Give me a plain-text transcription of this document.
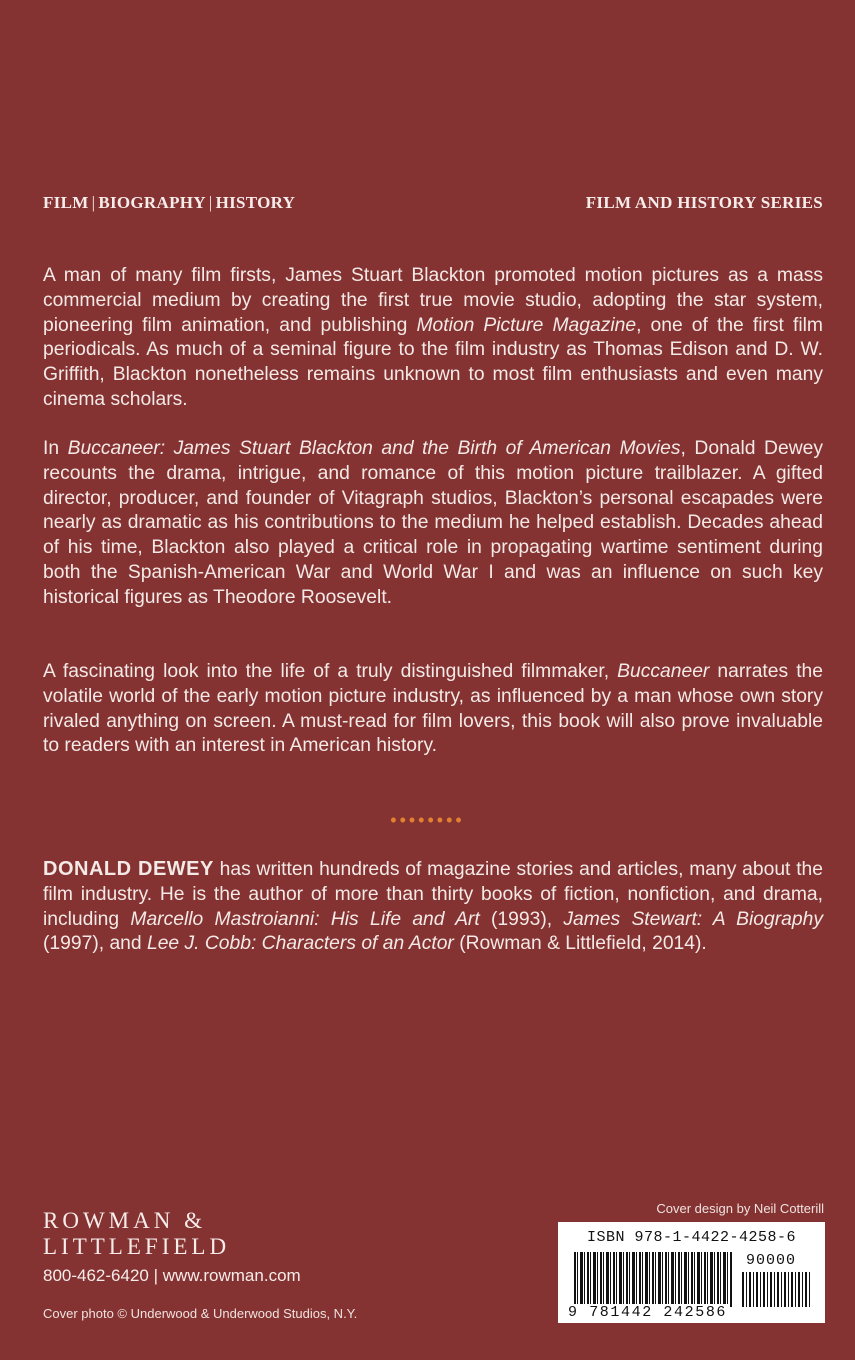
FILM | BIOGRAPHY | HISTORY	FILM AND HISTORY SERIES

A man of many film firsts, James Stuart Blackton promoted motion pictures as a mass commercial medium by creating the first true movie studio, adopting the star system, pioneering film animation, and publishing Motion Picture Magazine, one of the first film periodicals. As much of a seminal figure to the film industry as Thomas Edison and D. W. Griffith, Blackton nonetheless remains unknown to most film enthusiasts and even many cinema scholars.

In Buccaneer: James Stuart Blackton and the Birth of American Movies, Donald Dewey recounts the drama, intrigue, and romance of this motion picture trailblazer. A gifted director, producer, and founder of Vitagraph studios, Blackton’s personal escapades were nearly as dramatic as his contributions to the medium he helped establish. Decades ahead of his time, Blackton also played a critical role in propagating wartime sentiment during both the Spanish-American War and World War I and was an influence on such key historical figures as Theodore Roosevelt.

A fascinating look into the life of a truly distinguished filmmaker, Buccaneer narrates the volatile world of the early motion picture industry, as influenced by a man whose own story rivaled anything on screen. A must-read for film lovers, this book will also prove invaluable to readers with an interest in American history.

••••••••

DONALD DEWEY has written hundreds of magazine stories and articles, many about the film industry. He is the author of more than thirty books of fiction, nonfiction, and drama, including Marcello Mastroianni: His Life and Art (1993), James Stewart: A Biography (1997), and Lee J. Cobb: Characters of an Actor (Rowman & Littlefield, 2014).

ROWMAN &
LITTLEFIELD
800-462-6420 | www.rowman.com
Cover photo © Underwood & Underwood Studios, N.Y.
Cover design by Neil Cotterill
ISBN 978-1-4422-4258-6
90000
9 781442 242586
